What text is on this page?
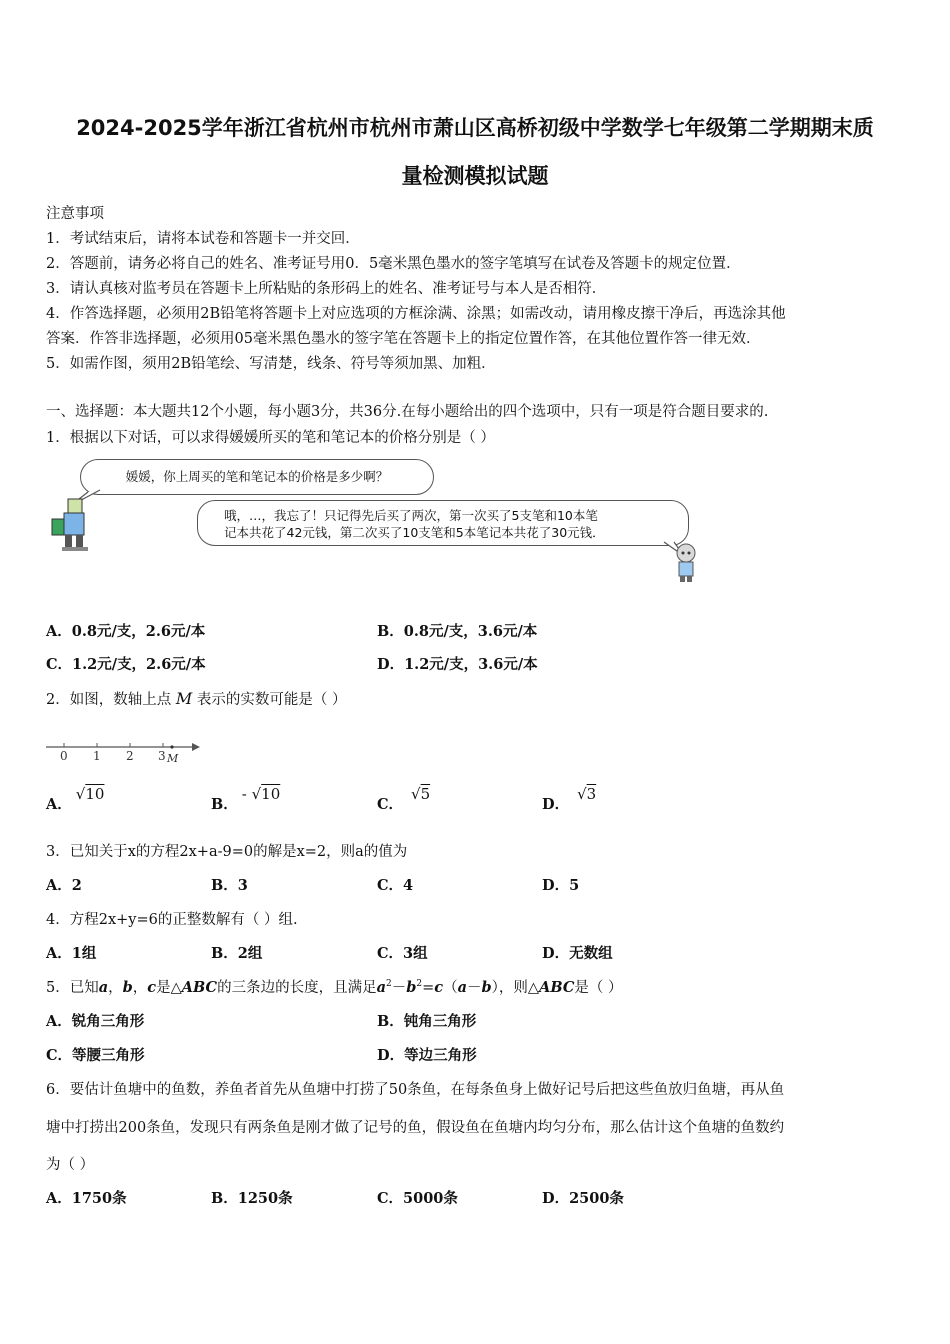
2024-2025学年浙江省杭州市杭州市萧山区高桥初级中学数学七年级第二学期期末质
量检测模拟试题
注意事项
1．考试结束后，请将本试卷和答题卡一并交回．
2．答题前，请务必将自己的姓名、准考证号用0．5毫米黑色墨水的签字笔填写在试卷及答题卡的规定位置．
3．请认真核对监考员在答题卡上所粘贴的条形码上的姓名、准考证号与本人是否相符．
4．作答选择题，必须用2B铅笔将答题卡上对应选项的方框涂满、涂黑；如需改动，请用橡皮擦干净后，再选涂其他
答案．作答非选择题，必须用05毫米黑色墨水的签字笔在答题卡上的指定位置作答，在其他位置作答一律无效．
5．如需作图，须用2B铅笔绘、写清楚，线条、符号等须加黑、加粗．
一、选择题：本大题共12个小题，每小题3分，共36分.在每小题给出的四个选项中，只有一项是符合题目要求的.
1．根据以下对话，可以求得媛媛所买的笔和笔记本的价格分别是（ ）
媛媛，你上周买的笔和笔记本的价格是多少啊？
哦，…，我忘了！只记得先后买了两次，第一次买了5支笔和10本笔
记本共花了42元钱，第二次买了10支笔和5本笔记本共花了30元钱．
A．0.8元/支，2.6元/本	B．0.8元/支，3.6元/本
C．1.2元/支，2.6元/本	D．1.2元/支，3.6元/本
2．如图，数轴上点 M 表示的实数可能是（ ）
0 1 2 3 M
A．√10
B．- √10
C．√5
D．√3
3．已知关于x的方程2x+a-9=0的解是x=2，则a的值为
A．2	B．3	C．4	D．5
4．方程2x+y=6的正整数解有（ ）组.
A．1组	B．2组	C．3组	D．无数组
5．已知a，b，c是△ABC的三条边的长度，且满足$a^2-b^2=c(a-b)$，则△ABC是（ ）
A．锐角三角形	B．钝角三角形
C．等腰三角形	D．等边三角形
6．要估计鱼塘中的鱼数，养鱼者首先从鱼塘中打捞了50条鱼，在每条鱼身上做好记号后把这些鱼放归鱼塘，再从鱼
塘中打捞出200条鱼，发现只有两条鱼是刚才做了记号的鱼，假设鱼在鱼塘内均匀分布，那么估计这个鱼塘的鱼数约
为（ ）
A．1750条	B．1250条	C．5000条	D．2500条
